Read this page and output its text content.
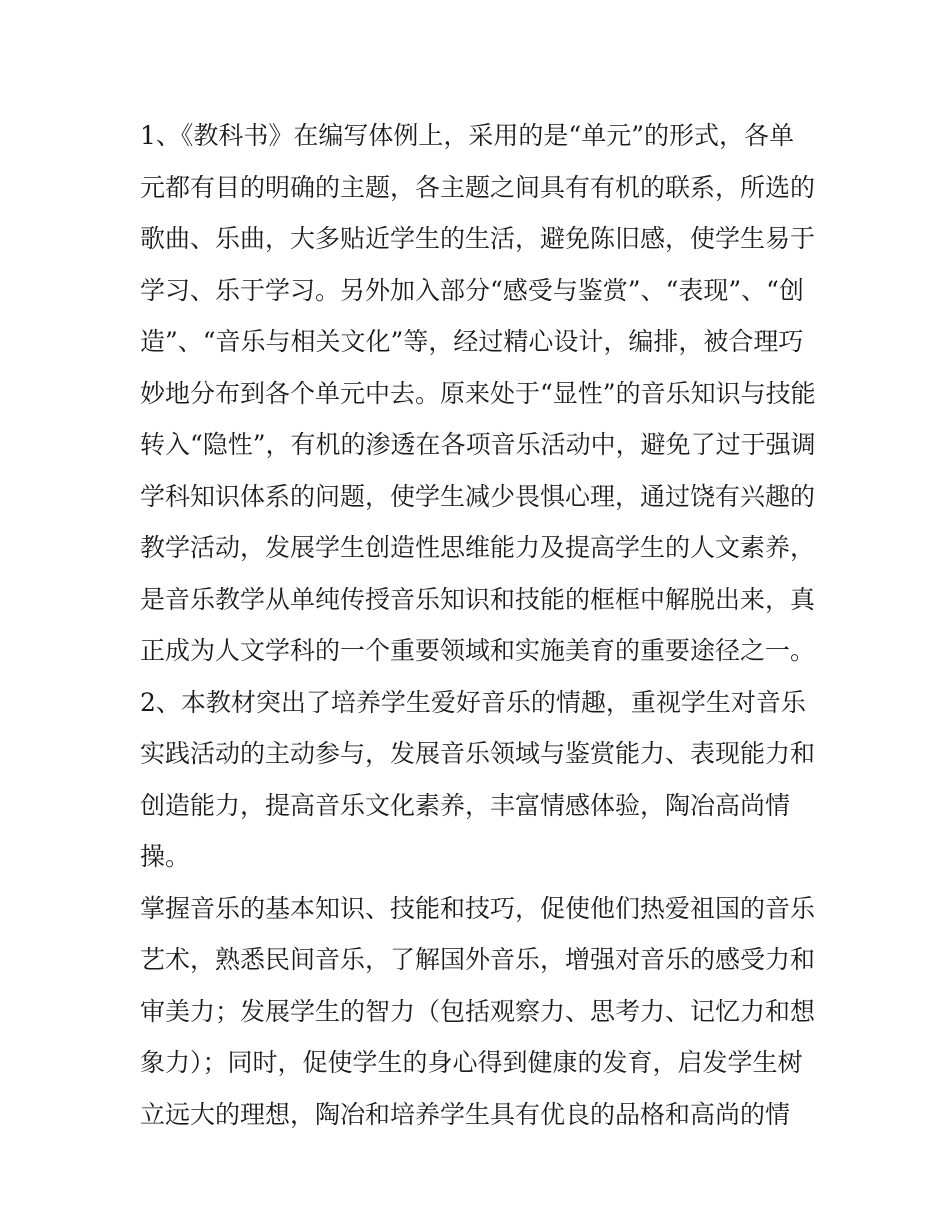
1、《教科书》在编写体例上，采用的是“单元”的形式，各单
元都有目的明确的主题，各主题之间具有有机的联系，所选的
歌曲、乐曲，大多贴近学生的生活，避免陈旧感，使学生易于
学习、乐于学习。另外加入部分“感受与鉴赏”、“表现”、“创
造”、“音乐与相关文化”等，经过精心设计，编排，被合理巧
妙地分布到各个单元中去。原来处于“显性”的音乐知识与技能
转入“隐性”，有机的渗透在各项音乐活动中，避免了过于强调
学科知识体系的问题，使学生减少畏惧心理，通过饶有兴趣的
教学活动，发展学生创造性思维能力及提高学生的人文素养，
是音乐教学从单纯传授音乐知识和技能的框框中解脱出来，真
正成为人文学科的一个重要领域和实施美育的重要途径之一。
2、本教材突出了培养学生爱好音乐的情趣，重视学生对音乐
实践活动的主动参与，发展音乐领域与鉴赏能力、表现能力和
创造能力，提高音乐文化素养，丰富情感体验，陶冶高尚情
操。
掌握音乐的基本知识、技能和技巧，促使他们热爱祖国的音乐
艺术，熟悉民间音乐，了解国外音乐，增强对音乐的感受力和
审美力；发展学生的智力（包括观察力、思考力、记忆力和想
象力）；同时，促使学生的身心得到健康的发育，启发学生树
立远大的理想，陶冶和培养学生具有优良的品格和高尚的情
